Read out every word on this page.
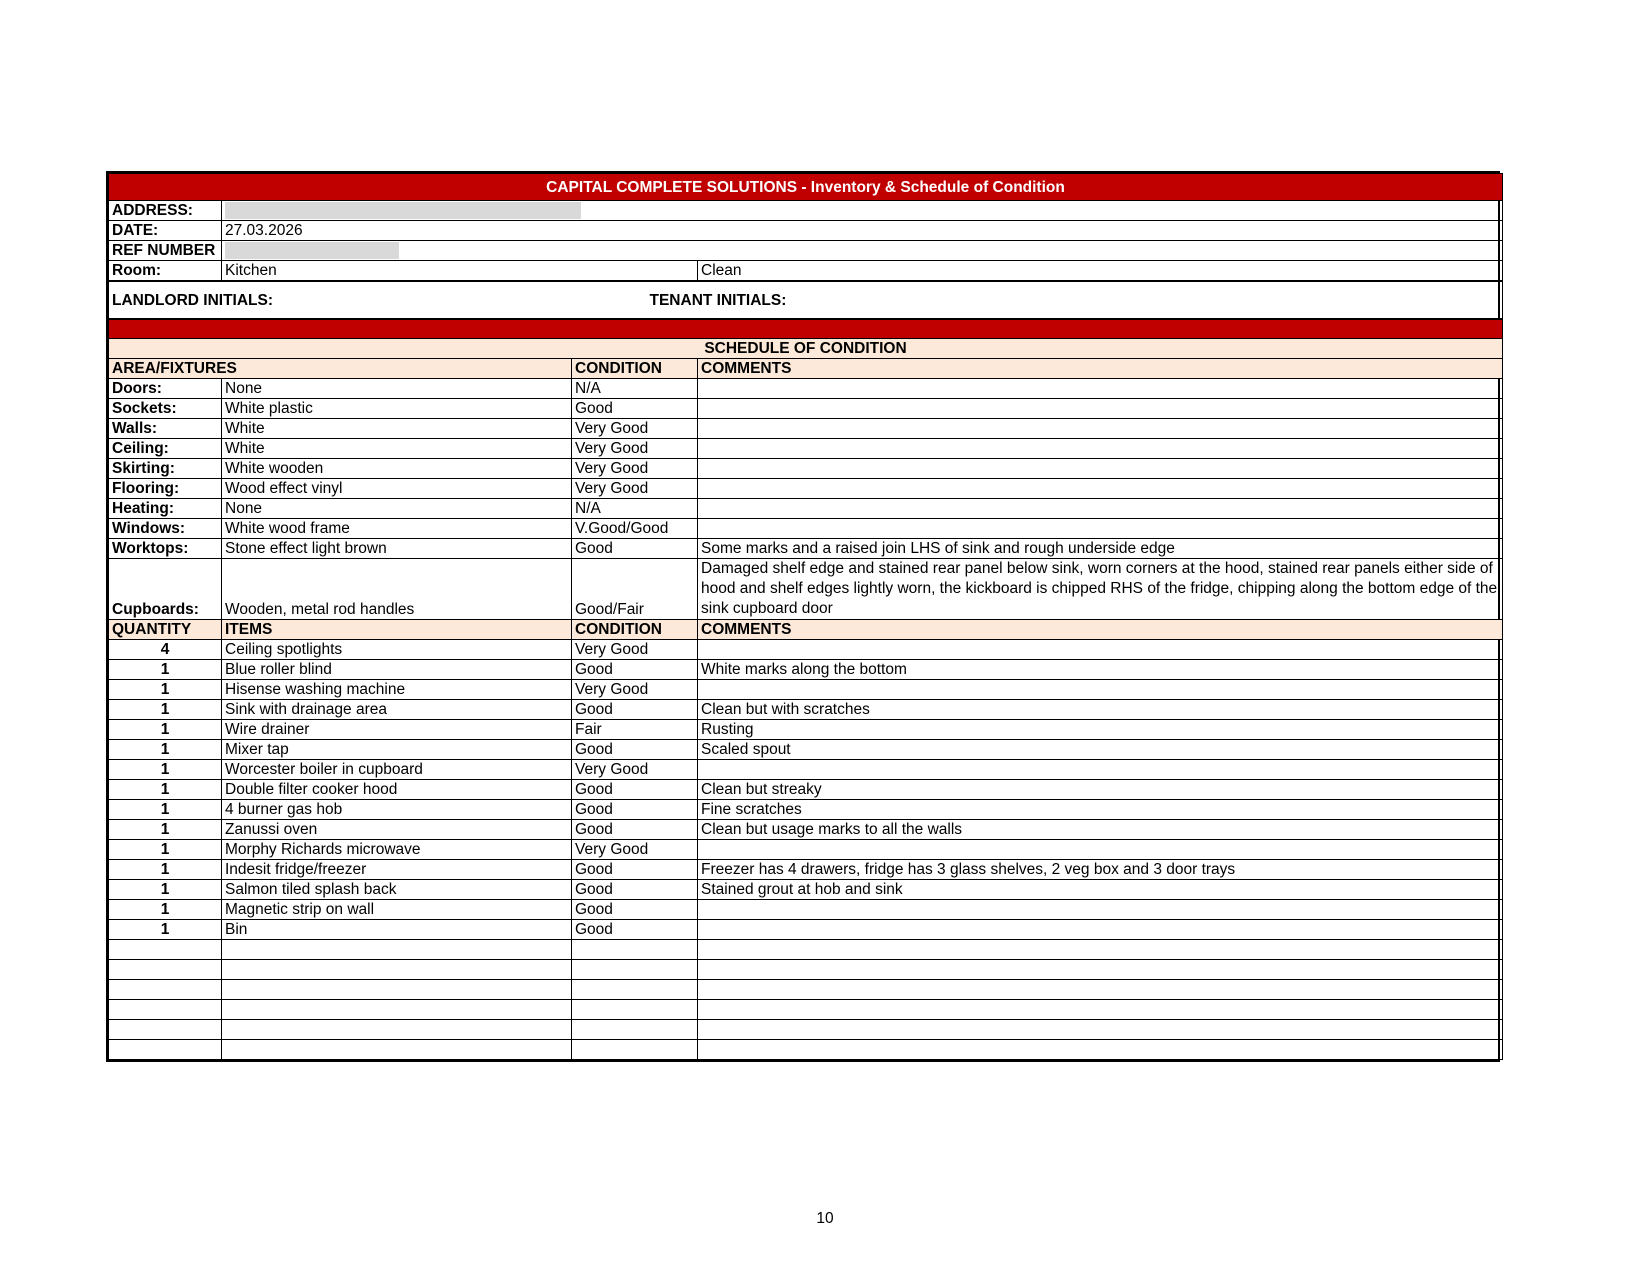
CAPITAL COMPLETE SOLUTIONS - Inventory & Schedule of Condition		
ADDRESS:		
DATE:	27.03.2026	
REF NUMBER		
Room:	Kitchen	Clean
LANDLORD INITIALS:	TENANT INITIALS:

SCHEDULE OF CONDITION			
AREA/FIXTURES		CONDITION	COMMENTS
Doors:	None	N/A	
Sockets:	White plastic	Good	
Walls:	White	Very Good	
Ceiling:	White	Very Good	
Skirting:	White wooden	Very Good	
Flooring:	Wood effect vinyl	Very Good	
Heating:	None	N/A	
Windows:	White wood frame	V.Good/Good	
Worktops:	Stone effect light brown	Good	Some marks and a raised join LHS of sink and rough underside edge
Cupboards:	Wooden, metal rod handles	Good/Fair	Damaged shelf edge and stained rear panel below sink, worn corners at the hood, stained rear panels either side of hood and shelf edges lightly worn, the kickboard is chipped RHS of the fridge, chipping along the bottom edge of the sink cupboard door
QUANTITY	ITEMS	CONDITION	COMMENTS
4	Ceiling spotlights	Very Good	
1	Blue roller blind	Good	White marks along the bottom
1	Hisense washing machine	Very Good	
1	Sink with drainage area	Good	Clean but with scratches
1	Wire drainer	Fair	Rusting
1	Mixer tap	Good	Scaled spout
1	Worcester boiler in cupboard	Very Good	
1	Double filter cooker hood	Good	Clean but streaky
1	4 burner gas hob	Good	Fine scratches
1	Zanussi oven	Good	Clean but usage marks to all the walls
1	Morphy Richards microwave	Very Good	
1	Indesit fridge/freezer	Good	Freezer has 4 drawers, fridge has 3 glass shelves, 2 veg box and 3 door trays
1	Salmon tiled splash back	Good	Stained grout at hob and sink
1	Magnetic strip on wall	Good	
1	Bin	Good	

10
